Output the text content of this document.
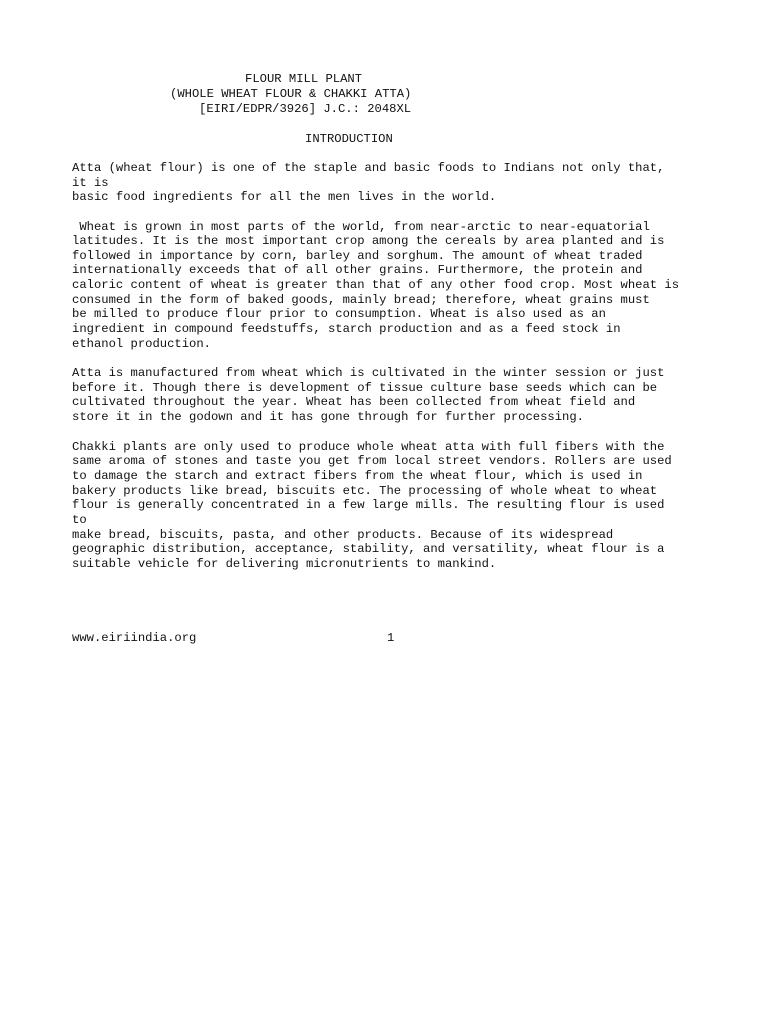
FLOUR MILL PLANT
(WHOLE WHEAT FLOUR & CHAKKI ATTA)
[EIRI/EDPR/3926] J.C.: 2048XL
INTRODUCTION
Atta (wheat flour) is one of the staple and basic foods to Indians not only that,
it is
basic food ingredients for all the men lives in the world.
Wheat is grown in most parts of the world, from near-arctic to near-equatorial
latitudes. It is the most important crop among the cereals by area planted and is
followed in importance by corn, barley and sorghum. The amount of wheat traded
internationally exceeds that of all other grains. Furthermore, the protein and
caloric content of wheat is greater than that of any other food crop. Most wheat is
consumed in the form of baked goods, mainly bread; therefore, wheat grains must
be milled to produce flour prior to consumption. Wheat is also used as an
ingredient in compound feedstuffs, starch production and as a feed stock in
ethanol production.
Atta is manufactured from wheat which is cultivated in the winter session or just
before it. Though there is development of tissue culture base seeds which can be
cultivated throughout the year. Wheat has been collected from wheat field and
store it in the godown and it has gone through for further processing.
Chakki plants are only used to produce whole wheat atta with full fibers with the
same aroma of stones and taste you get from local street vendors. Rollers are used
to damage the starch and extract fibers from the wheat flour, which is used in
bakery products like bread, biscuits etc. The processing of whole wheat to wheat
flour is generally concentrated in a few large mills. The resulting flour is used
to
make bread, biscuits, pasta, and other products. Because of its widespread
geographic distribution, acceptance, stability, and versatility, wheat flour is a
suitable vehicle for delivering micronutrients to mankind.
www.eiriindia.org	1
